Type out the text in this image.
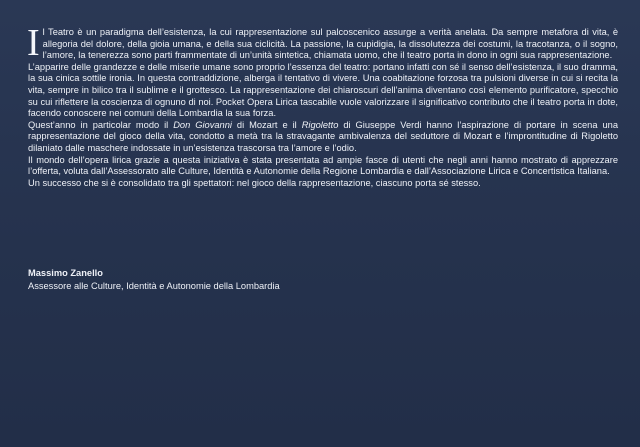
Il Teatro è un paradigma dell’esistenza, la cui rappresentazione sul palcoscenico assurge a verità anelata. Da sempre metafora di vita, è allegoria del dolore, della gioia umana, e della sua ciclicità. La passione, la cupidigia, la dissolutezza dei costumi, la tracotanza, o il sogno, l’amore, la tenerezza sono parti frammentate di un’unità sintetica, chiamata uomo, che il teatro porta in dono in ogni sua rappresentazione.

L’apparire delle grandezze e delle miserie umane sono proprio l’essenza del teatro: portano infatti con sé il senso dell’esistenza, il suo dramma, la sua cinica sottile ironia. In questa contraddizione, alberga il tentativo di vivere. Una coabitazione forzosa tra pulsioni diverse in cui si recita la vita, sempre in bilico tra il sublime e il grottesco. La rappresentazione dei chiaroscuri dell’anima diventano così elemento purificatore, specchio su cui riflettere la coscienza di ognuno di noi. Pocket Opera Lirica tascabile vuole valorizzare il significativo contributo che il teatro porta in dote, facendo conoscere nei comuni della Lombardia la sua forza.

Quest’anno in particolar modo il Don Giovanni di Mozart e il Rigoletto di Giuseppe Verdi hanno l’aspirazione di portare in scena una rappresentazione del gioco della vita, condotto a metà tra la stravagante ambivalenza del seduttore di Mozart e l’improntitudine di Rigoletto dilaniato dalle maschere indossate in un’esistenza trascorsa tra l’amore e l’odio.

Il mondo dell’opera lirica grazie a questa iniziativa è stata presentata ad ampie fasce di utenti che negli anni hanno mostrato di apprezzare l’offerta, voluta dall’Assessorato alle Culture, Identità e Autonomie della Regione Lombardia e dall’Associazione Lirica e Concertistica Italiana.

Un successo che si è consolidato tra gli spettatori: nel gioco della rappresentazione, ciascuno porta sé stesso.

Massimo Zanello

Assessore alle Culture, Identità e Autonomie della Lombardia
